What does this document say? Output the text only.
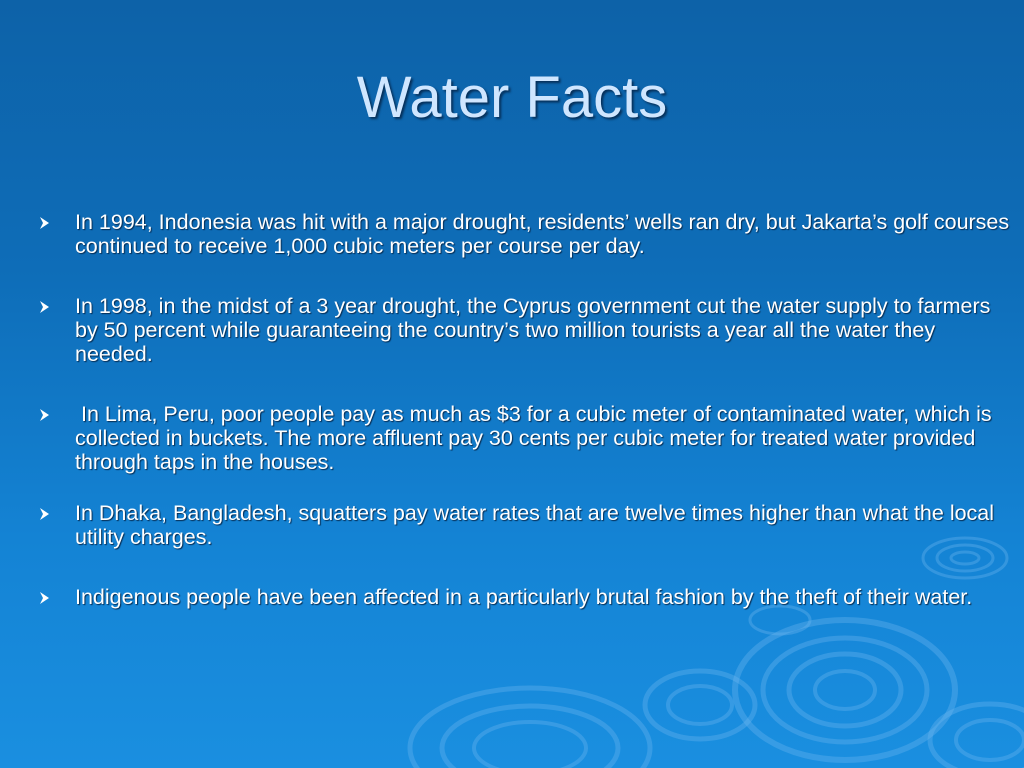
Water Facts
In 1994, Indonesia was hit with a major drought, residents’ wells ran dry, but Jakarta’s golf courses continued to receive 1,000 cubic meters per course per day.
In 1998, in the midst of a 3 year drought, the Cyprus government cut the water supply to farmers by 50 percent while guaranteeing the country’s two million tourists a year all the water they needed.
In Lima, Peru, poor people pay as much as $3 for a cubic meter of contaminated water, which is collected in buckets. The more affluent pay 30 cents per cubic meter for treated water provided through taps in the houses.
In Dhaka, Bangladesh, squatters pay water rates that are twelve times higher than what the local utility charges.
Indigenous people have been affected in a particularly brutal fashion by the theft of their water.
